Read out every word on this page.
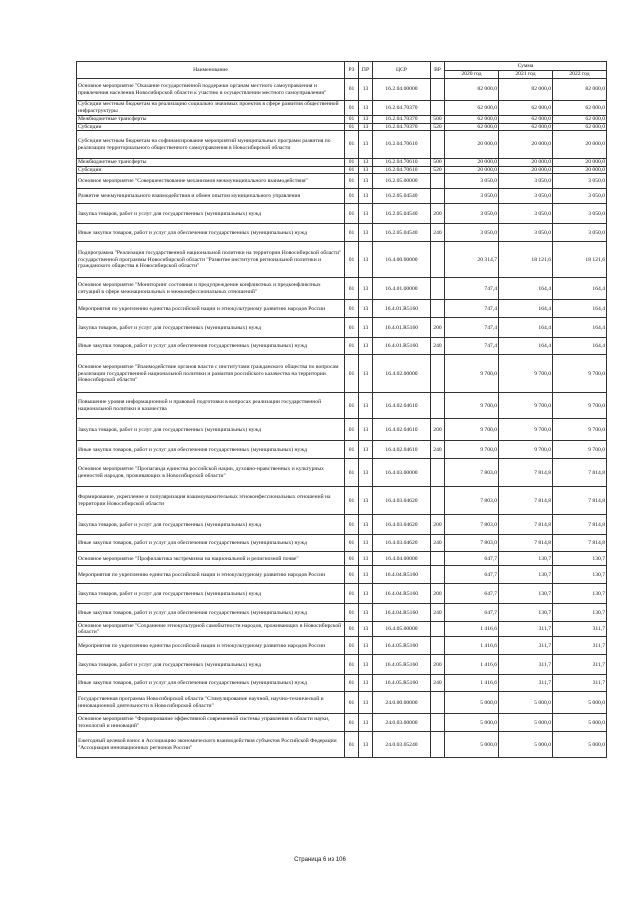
Наименование	РЗ	ПР	ЦСР	ВР	Сумма		
					2020 год	2021 год	2022 год
Основное мероприятие "Оказание государственной поддержки органам местного самоуправления и привлечения населения Новосибирской области к участию в осуществлении местного самоуправления"	01	13	16.2.04.00000		82 000,0	82 000,0	82 000,0
Субсидии местным бюджетам на реализацию социально значимых проектов в сфере развития общественной инфраструктуры	01	13	16.2.04.70370		62 000,0	62 000,0	62 000,0
Межбюджетные трансферты	01	13	16.2.04.70370	500	62 000,0	62 000,0	62 000,0
Субсидии	01	13	16.2.04.70370	520	62 000,0	62 000,0	62 000,0
Субсидии местным бюджетам на софинансирование мероприятий муниципальных программ развития по реализации территориального общественного самоуправления в Новосибирской области	01	13	16.2.04.70610		20 000,0	20 000,0	20 000,0
Межбюджетные трансферты	01	13	16.2.04.70610	500	20 000,0	20 000,0	20 000,0
Субсидии	01	13	16.2.04.70610	520	20 000,0	20 000,0	20 000,0
Основное мероприятие "Совершенствование механизмов межмуниципального взаимодействия"	01	13	16.2.05.00000		3 050,0	3 050,0	3 050,0
Развитие межмуниципального взаимодействия и обмен опытом муниципального управления	01	13	16.2.05.04540		3 050,0	3 050,0	3 050,0
Закупка товаров, работ и услуг для государственных (муниципальных) нужд	01	13	16.2.05.04540	200	3 050,0	3 050,0	3 050,0
Иные закупки товаров, работ и услуг для обеспечения государственных (муниципальных) нужд	01	13	16.2.05.04540	240	3 050,0	3 050,0	3 050,0
Подпрограмма "Реализация государственной национальной политики на территории Новосибирской области" государственной программы Новосибирской области "Развитие институтов региональной политики и гражданского общества в Новосибирской области"	01	13	16.4.00.00000		20 314,7	18 121,6	18 121,6
Основное мероприятие "Мониторинг состояния и предупреждение конфликтных и предконфликтных ситуаций в сфере межнациональных и межконфессиональных отношений"	01	13	16.4.01.00000		747,4	164,4	164,4
Мероприятия по укреплению единства российской нации и этнокультурному развитию народов России	01	13	16.4.01.R5160		747,4	164,4	164,4
Закупка товаров, работ и услуг для государственных (муниципальных) нужд	01	13	16.4.01.R5160	200	747,4	164,4	164,4
Иные закупки товаров, работ и услуг для обеспечения государственных (муниципальных) нужд	01	13	16.4.01.R5160	240	747,4	164,4	164,4
Основное мероприятие "Взаимодействие органов власти с институтами гражданского общества по вопросам реализации государственной национальной политики и развития российского казачества на территории Новосибирской области"	01	13	16.4.02.00000		9 700,0	9 700,0	9 700,0
Повышение уровня информационной и правовой подготовки в вопросах реализации государственной национальной политики и казачества	01	13	16.4.02.04610		9 700,0	9 700,0	9 700,0
Закупка товаров, работ и услуг для государственных (муниципальных) нужд	01	13	16.4.02.04610	200	9 700,0	9 700,0	9 700,0
Иные закупки товаров, работ и услуг для обеспечения государственных (муниципальных) нужд	01	13	16.4.02.04610	240	9 700,0	9 700,0	9 700,0
Основное мероприятие "Пропаганда единства российской нации, духовно-нравственных и культурных ценностей народов, проживающих в Новосибирской области"	01	13	16.4.03.00000		7 803,0	7 814,8	7 814,8
Формирование, укрепление и популяризация взаимоуважительных этноконфессиональных отношений на территории Новосибирской области	01	13	16.4.03.04620		7 803,0	7 814,8	7 814,8
Закупка товаров, работ и услуг для государственных (муниципальных) нужд	01	13	16.4.03.04620	200	7 803,0	7 814,8	7 814,8
Иные закупки товаров, работ и услуг для обеспечения государственных (муниципальных) нужд	01	13	16.4.03.04620	240	7 803,0	7 814,8	7 814,8
Основное мероприятие "Профилактика экстремизма на национальной и религиозной почве"	01	13	16.4.04.00000		647,7	130,7	130,7
Мероприятия по укреплению единства российской нации и этнокультурному развитию народов России	01	13	16.4.04.R5160		647,7	130,7	130,7
Закупка товаров, работ и услуг для государственных (муниципальных) нужд	01	13	16.4.04.R5160	200	647,7	130,7	130,7
Иные закупки товаров, работ и услуг для обеспечения государственных (муниципальных) нужд	01	13	16.4.04.R5160	240	647,7	130,7	130,7
Основное мероприятие "Сохранение этнокультурной самобытности народов, проживающих в Новосибирской области"	01	13	16.4.05.00000		1 416,6	311,7	311,7
Мероприятия по укреплению единства российской нации и этнокультурному развитию народов России	01	13	16.4.05.R5160		1 416,6	311,7	311,7
Закупка товаров, работ и услуг для государственных (муниципальных) нужд	01	13	16.4.05.R5160	200	1 416,6	311,7	311,7
Иные закупки товаров, работ и услуг для обеспечения государственных (муниципальных) нужд	01	13	16.4.05.R5160	240	1 416,6	311,7	311,7
Государственная программа Новосибирской области "Стимулирование научной, научно-технической и инновационной деятельности в Новосибирской области"	01	13	24.0.00.00000		5 000,0	5 000,0	5 000,0
Основное мероприятие "Формирование эффективной современной системы управления в области науки, технологий и инноваций"	01	13	24.0.03.00000		5 000,0	5 000,0	5 000,0
Ежегодный целевой взнос в Ассоциацию экономического взаимодействия субъектов Российской Федерации "Ассоциация инновационных регионов России"	01	13	24.0.03.05240		5 000,0	5 000,0	5 000,0
Страница 6 из 106
